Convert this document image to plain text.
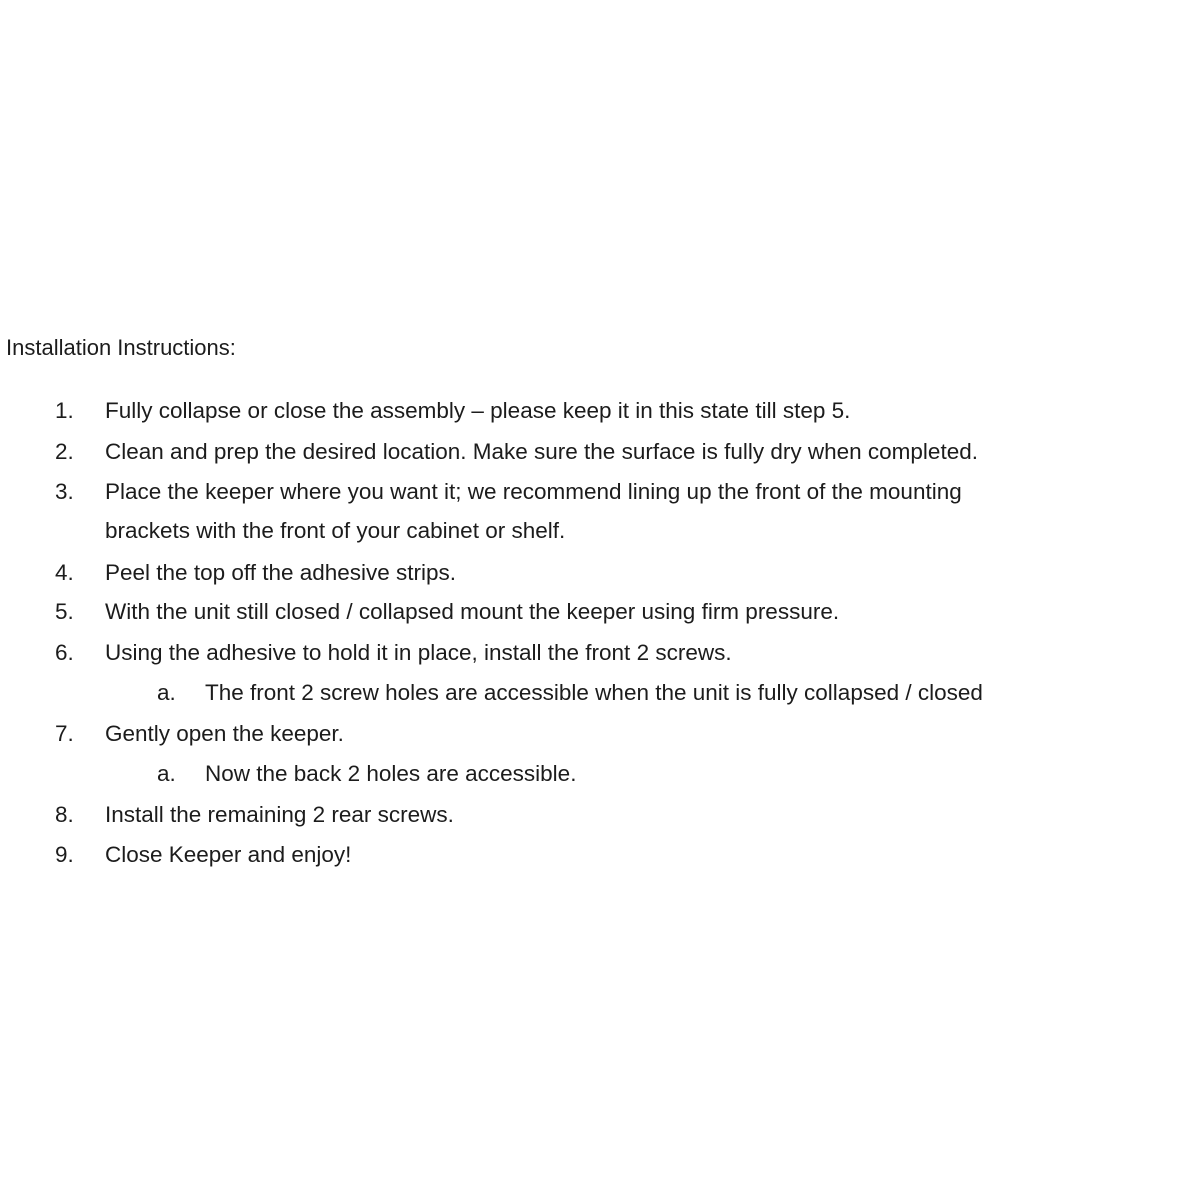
Installation Instructions:
1.	Fully collapse or close the assembly – please keep it in this state till step 5.
2.	Clean and prep the desired location. Make sure the surface is fully dry when completed.
3.	Place the keeper where you want it; we recommend lining up the front of the mounting
brackets with the front of your cabinet or shelf.
4.	Peel the top off the adhesive strips.
5.	With the unit still closed / collapsed mount the keeper using firm pressure.
6.	Using the adhesive to hold it in place, install the front 2 screws.
a.	The front 2 screw holes are accessible when the unit is fully collapsed / closed
7.	Gently open the keeper.
a.	Now the back 2 holes are accessible.
8.	Install the remaining 2 rear screws.
9.	Close Keeper and enjoy!
